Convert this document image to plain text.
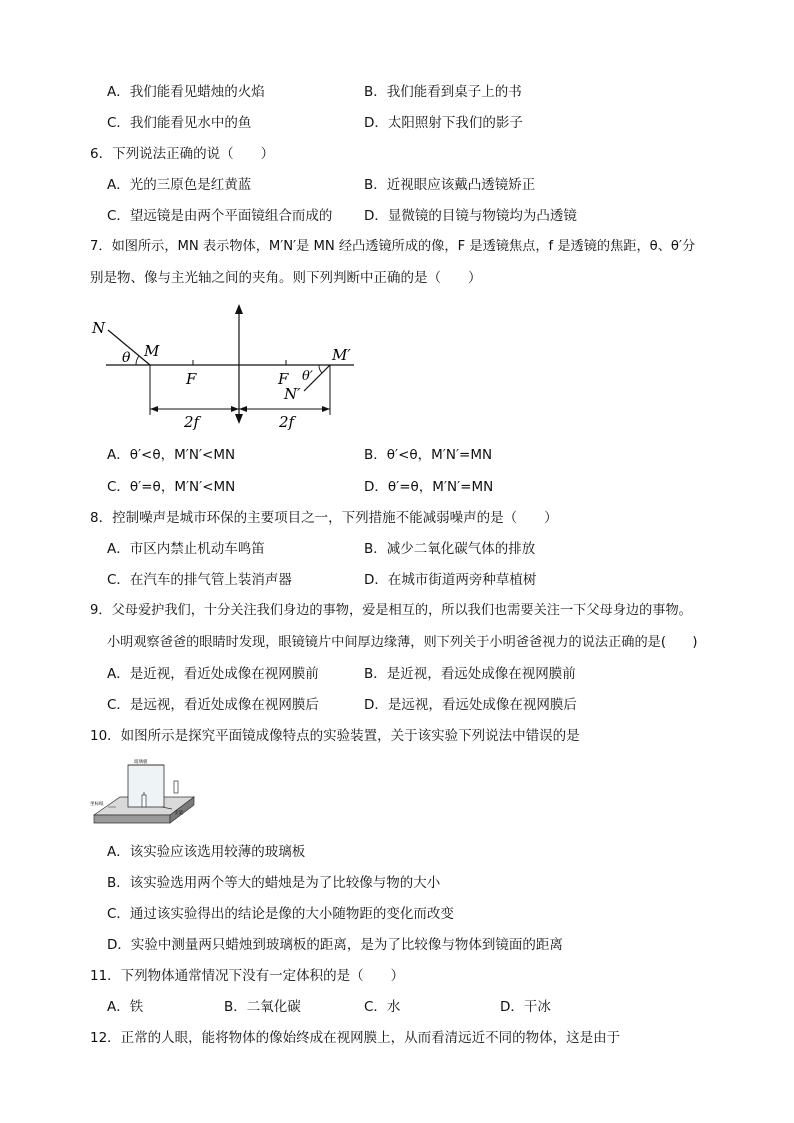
A．我们能看见蜡烛的火焰	B．我们能看到桌子上的书
C．我们能看见水中的鱼	D．太阳照射下我们的影子
6．下列说法正确的说（　　）
A．光的三原色是红黄蓝	B．近视眼应该戴凸透镜矫正
C．望远镜是由两个平面镜组合而成的 D．显微镜的目镜与物镜均为凸透镜
7．如图所示，MN 表示物体，M′N′是 MN 经凸透镜所成的像，F 是透镜焦点，f 是透镜的焦距，θ、θ′分
别是物、像与主光轴之间的夹角。则下列判断中正确的是（　　）
N
M
θ
F	F θ′
M′
N′
2f	2f
A．θ′<θ，M′N′<MN	B．θ′<θ，M′N′=MN
C．θ′=θ，M′N′<MN	D．θ′=θ，M′N′=MN
8．控制噪声是城市环保的主要项目之一，下列措施不能减弱噪声的是（　　）
A．市区内禁止机动车鸣笛	B．减少二氧化碳气体的排放
C．在汽车的排气管上装消声器	D．在城市街道两旁种草植树
9．父母爱护我们，十分关注我们身边的事物，爱是相互的，所以我们也需要关注一下父母身边的事物。
小明观察爸爸的眼睛时发现，眼镜镜片中间厚边缘薄，则下列关于小明爸爸视力的说法正确的是(　　)
A．是近视，看近处成像在视网膜前	B．是近视，看远处成像在视网膜前
C．是远视，看近处成像在视网膜后	D．是远视，看远处成像在视网膜后
10．如图所示是探究平面镜成像特点的实验装置，关于该实验下列说法中错误的是
玻璃板
坐标纸
支架
A．该实验应该选用较薄的玻璃板
B．该实验选用两个等大的蜡烛是为了比较像与物的大小
C．通过该实验得出的结论是像的大小随物距的变化而改变
D．实验中测量两只蜡烛到玻璃板的距离，是为了比较像与物体到镜面的距离
11．下列物体通常情况下没有一定体积的是（　　）
A．铁	B．二氧化碳	C．水	D．干冰
12．正常的人眼，能将物体的像始终成在视网膜上，从而看清远近不同的物体，这是由于
